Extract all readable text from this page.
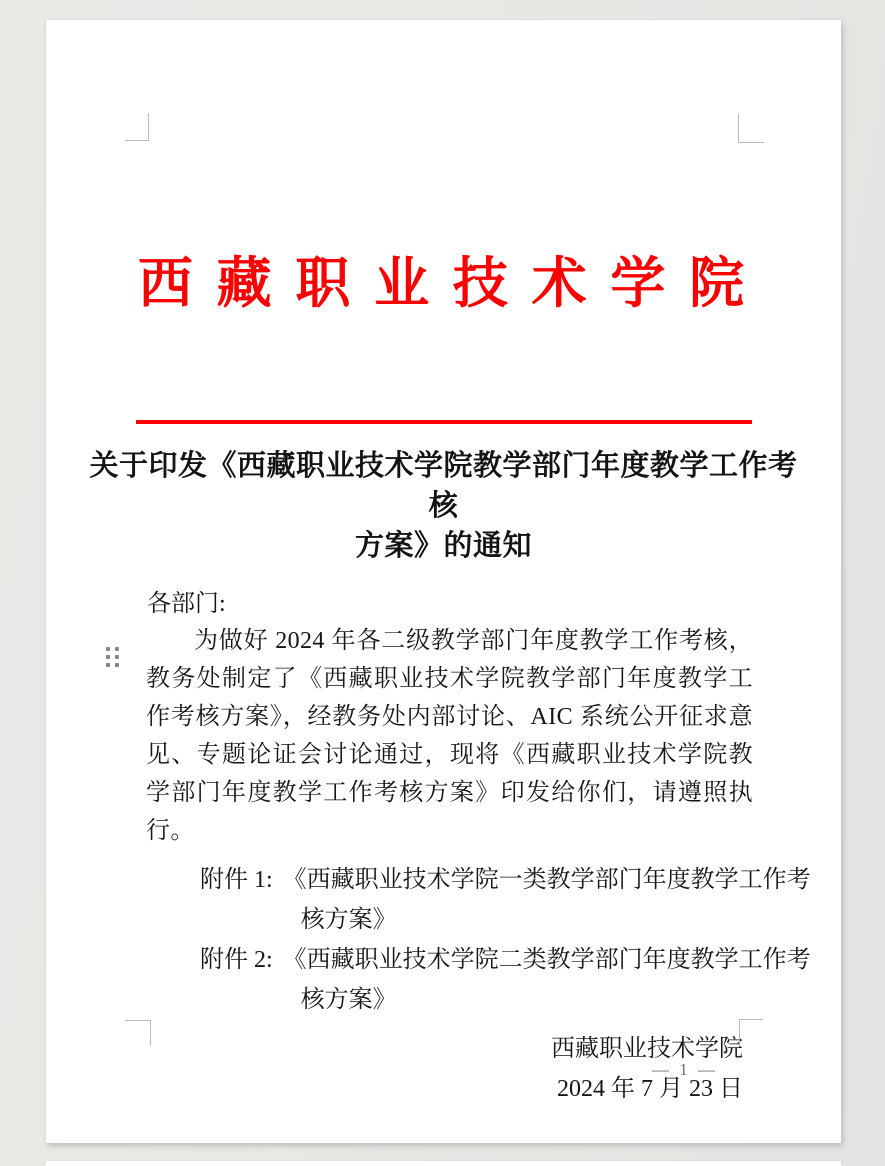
西 藏 职 业 技 术 学 院
关于印发《西藏职业技术学院教学部门年度教学工作考核
方案》的通知
各部门:
为做好 2024 年各二级教学部门年度教学工作考核，教务处制定了《西藏职业技术学院教学部门年度教学工作考核方案》，经教务处内部讨论、AIC 系统公开征求意见、专题论证会讨论通过，现将《西藏职业技术学院教学部门年度教学工作考核方案》印发给你们，请遵照执行。
附件 1: 《西藏职业技术学院一类教学部门年度教学工作考核方案》
附件 2: 《西藏职业技术学院二类教学部门年度教学工作考核方案》
西藏职业技术学院
2024 年 7 月 23 日
— 1 —
